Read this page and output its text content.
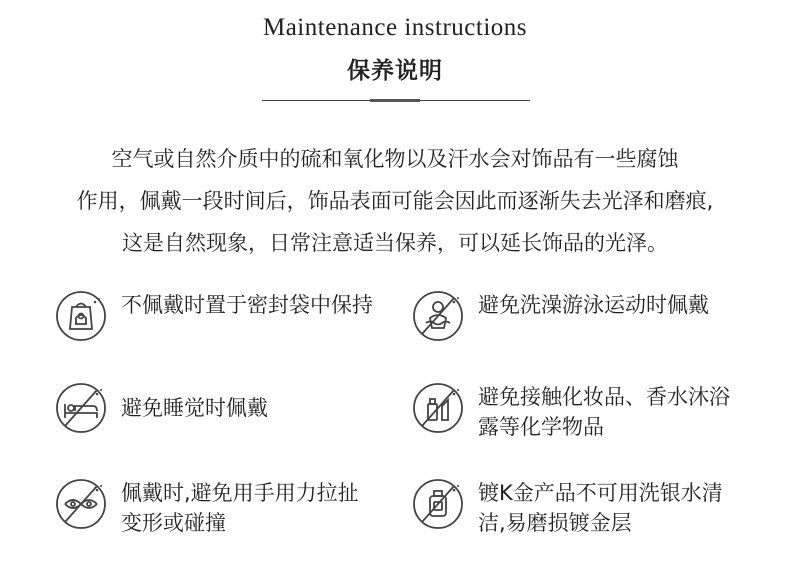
Maintenance instructions
保养说明
空气或自然介质中的硫和氧化物以及汗水会对饰品有一些腐蚀
作用，佩戴一段时间后，饰品表面可能会因此而逐渐失去光泽和磨痕,
这是自然现象，日常注意适当保养，可以延长饰品的光泽。
不佩戴时置于密封袋中保持	避免洗澡游泳运动时佩戴
避免睡觉时佩戴	避免接触化妆品、香水沐浴露等化学物品
佩戴时,避免用手用力拉扯变形或碰撞
镀K金产品不可用洗银水清洁,易磨损镀金层
